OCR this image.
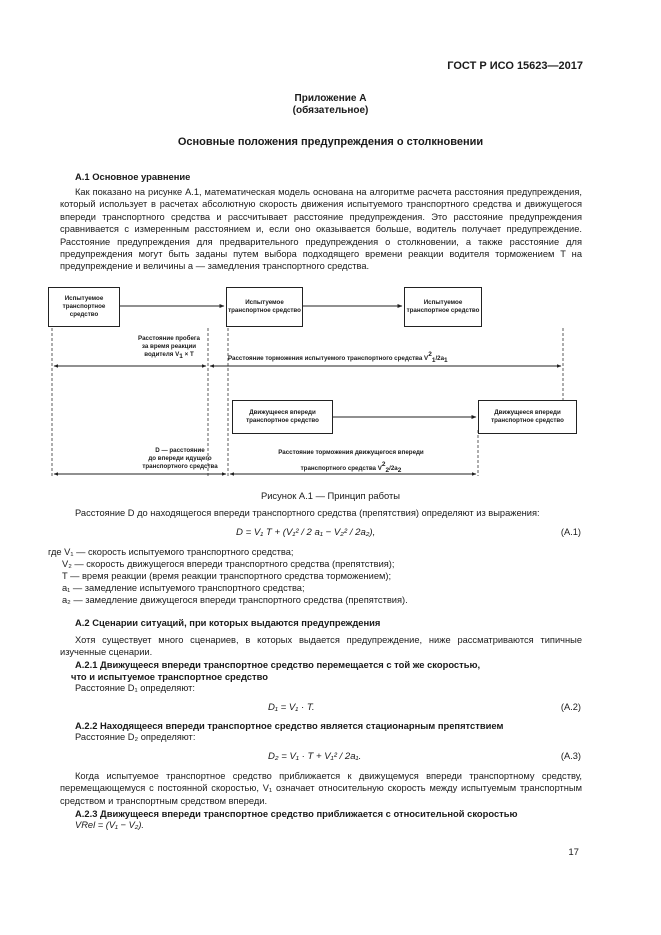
ГОСТ Р ИСО 15623—2017
Приложение А
(обязательное)
Основные положения предупреждения о столкновении
А.1 Основное уравнение
Как показано на рисунке А.1, математическая модель основана на алгоритме расчета расстояния предупреждения, который использует в расчетах абсолютную скорость движения испытуемого транспортного средства и движущегося впереди транспортного средства и рассчитывает расстояние предупреждения. Это расстояние предупреждения сравнивается с измеренным расстоянием и, если оно оказывается больше, водитель получает предупреждение. Расстояние предупреждения для предварительного предупреждения о столкновении, а также расстояние для предупреждения могут быть заданы путем выбора подходящего времени реакции водителя торможением T на предупреждение и величины a — замедления транспортного средства.
Испытуемое транспортное средство
Испытуемое транспортное средство
Испытуемое транспортное средство
Движущееся впереди транспортное средство
Движущееся впереди транспортное средство
Расстояние пробега
за время реакции
водителя V1 × T
Расстояние торможения испытуемого транспортного средства V21/2a1
D — расстояние
до впереди идущего
транспортного средства
Расстояние торможения движущегося впереди
транспортного средства V22/2a2
Рисунок А.1 — Принцип работы
Расстояние D до находящегося впереди транспортного средства (препятствия) определяют из выражения:
D = V₁ T + (V₁² / 2 a₁ − V₂² / 2a₂),	(А.1)
где V₁ — скорость испытуемого транспортного средства;
V₂ — скорость движущегося впереди транспортного средства (препятствия);
T — время реакции (время реакции транспортного средства торможением);
a₁ — замедление испытуемого транспортного средства;
a₂ — замедление движущегося впереди транспортного средства (препятствия).
А.2 Сценарии ситуаций, при которых выдаются предупреждения
Хотя существует много сценариев, в которых выдается предупреждение, ниже рассматриваются типичные изученные сценарии.
А.2.1 Движущееся впереди транспортное средство перемещается с той же скоростью,
что и испытуемое транспортное средство
Расстояние D₁ определяют:
D₁ = V₁ · T.	(А.2)
А.2.2 Находящееся впереди транспортное средство является стационарным препятствием
Расстояние D₂ определяют:
D₂ = V₁ · T + V₁² / 2a₁.	(А.3)
Когда испытуемое транспортное средство приближается к движущемуся впереди транспортному средству, перемещающемуся с постоянной скоростью, V₁ означает относительную скорость между испытуемым транспортным средством и транспортным средством впереди.
А.2.3 Движущееся впереди транспортное средство приближается с относительной скоростью
VRel = (V₁ − V₂).
17
